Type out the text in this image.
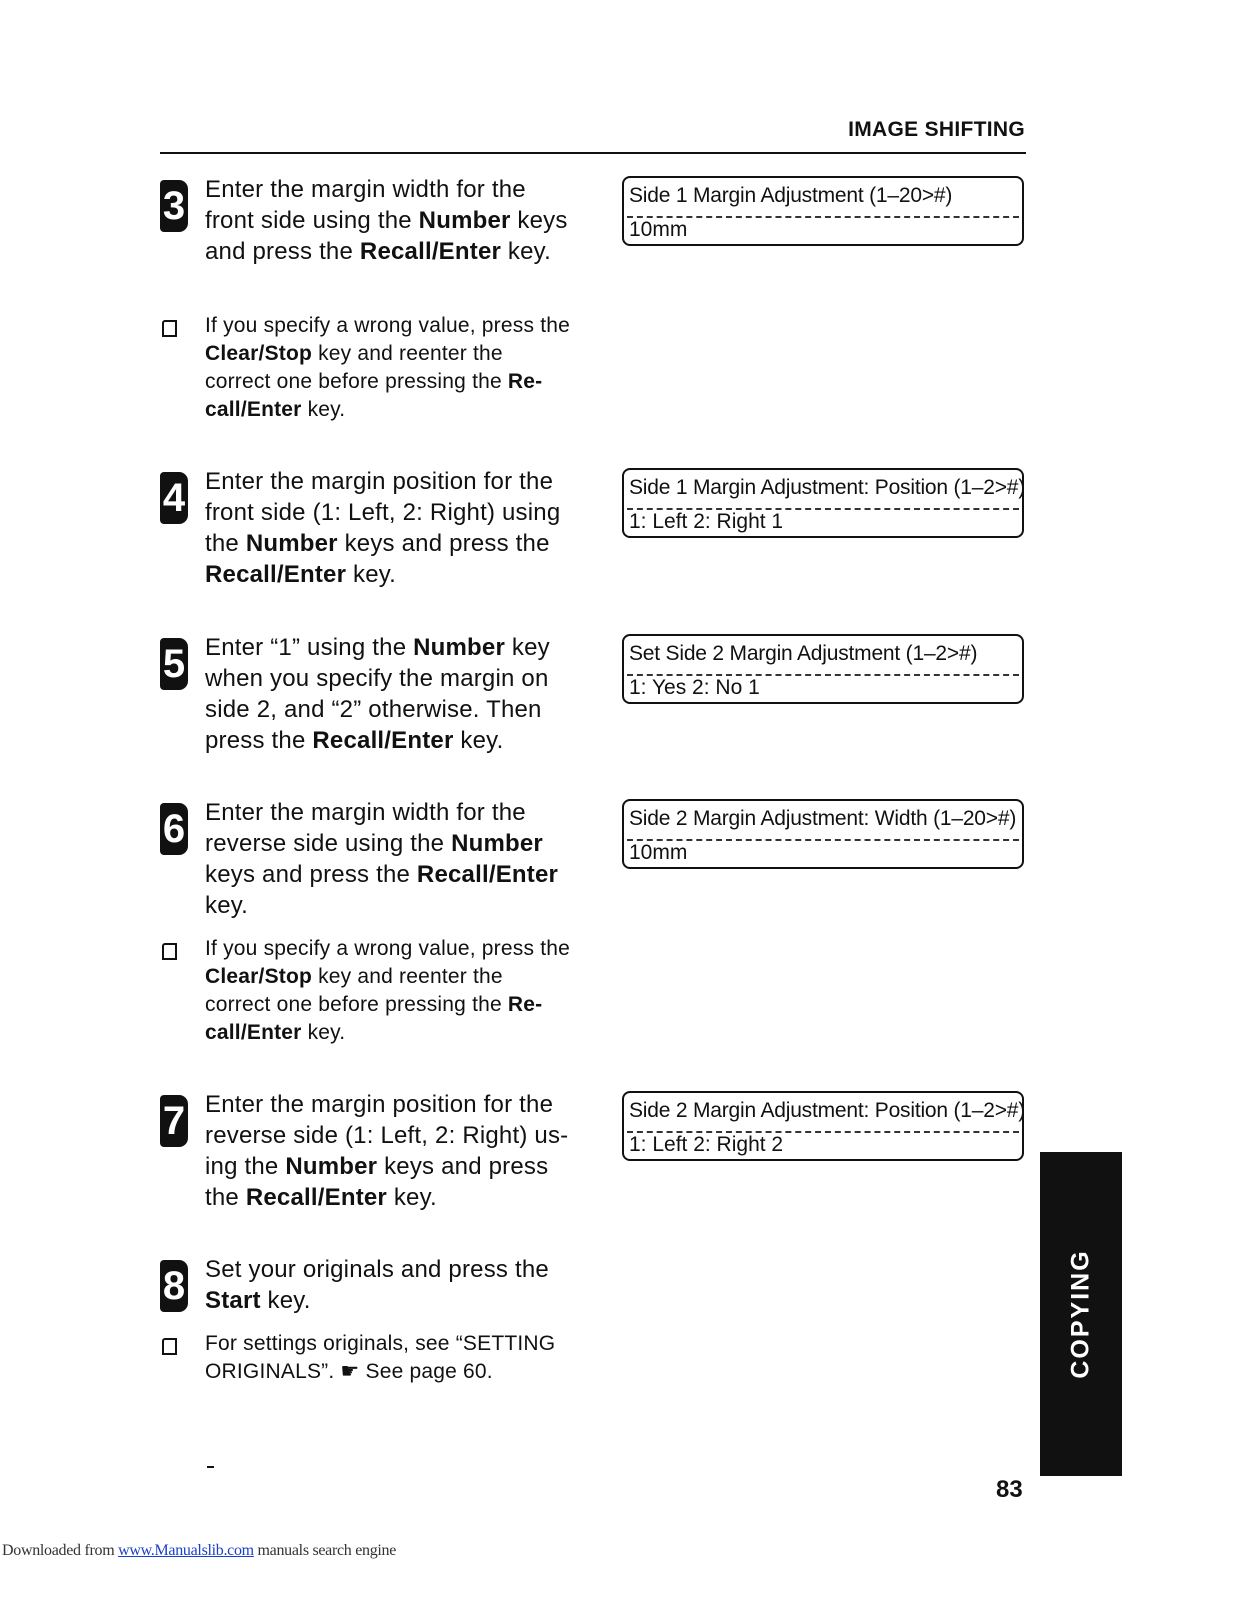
IMAGE SHIFTING
3 Enter the margin width for the front side using the Number keys and press the Recall/Enter key.
If you specify a wrong value, press the Clear/Stop key and reenter the correct one before pressing the Recall/Enter key.
Side 1 Margin Adjustment (1–20>#)
10mm
4 Enter the margin position for the front side (1: Left, 2: Right) using the Number keys and press the Recall/Enter key.
Side 1 Margin Adjustment: Position (1–2>#)
1: Left 2: Right 1
5 Enter “1” using the Number key when you specify the margin on side 2, and “2” otherwise. Then press the Recall/Enter key.
Set Side 2 Margin Adjustment (1–2>#)
1: Yes 2: No 1
6 Enter the margin width for the reverse side using the Number keys and press the Recall/Enter key.
If you specify a wrong value, press the Clear/Stop key and reenter the correct one before pressing the Recall/Enter key.
Side 2 Margin Adjustment: Width (1–20>#)
10mm
7 Enter the margin position for the reverse side (1: Left, 2: Right) using the Number keys and press the Recall/Enter key.
Side 2 Margin Adjustment: Position (1–2>#)
1: Left 2: Right 2
8 Set your originals and press the Start key.
For settings originals, see “SETTING ORIGINALS”. ☛ See page 60.	COPYING
83
Downloaded from www.Manualslib.com manuals search engine
